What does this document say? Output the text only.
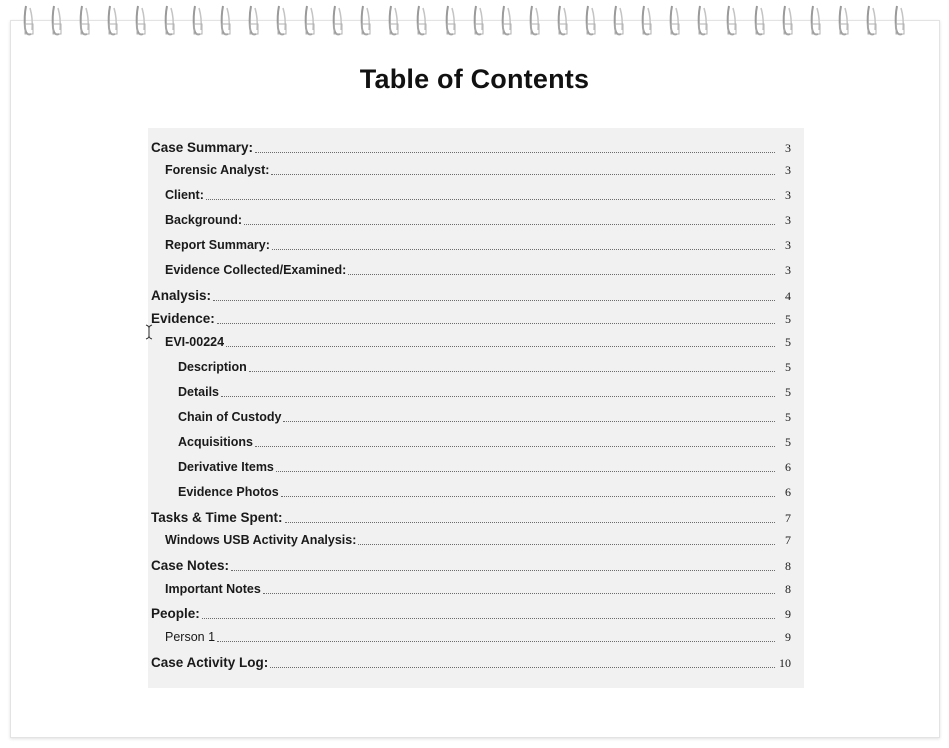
Table of Contents
Case Summary:	3
Forensic Analyst:	3
Client:	3
Background:	3
Report Summary:	3
Evidence Collected/Examined:	3
Analysis:	4
Evidence:	5
EVI-00224	5
Description	5
Details	5
Chain of Custody	5
Acquisitions	5
Derivative Items	6
Evidence Photos	6
Tasks & Time Spent:	7
Windows USB Activity Analysis:	7
Case Notes:	8
Important Notes	8
People:	9
Person 1	9
Case Activity Log:	10
